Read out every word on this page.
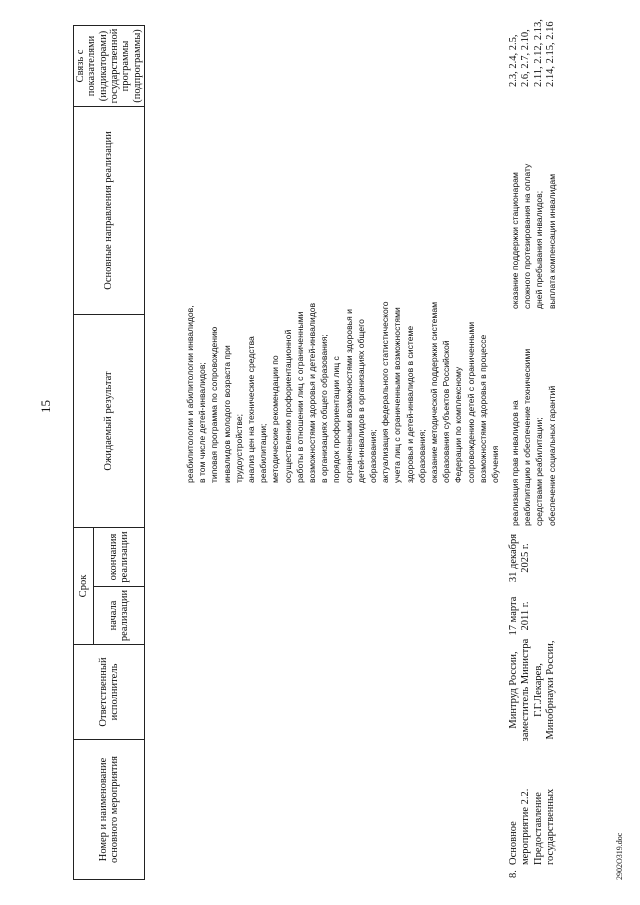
15
Номер и наименование
основного мероприятия
Ответственный
исполнитель
Срок
начала
реализации
окончания
реализации
Ожидаемый результат
Основные направления реализации
Связь с
показателями
(индикаторами)
государственной
программы
(подпрограммы)
реабилитологии и абилитологии инвалидов,
в том числе детей-инвалидов;
типовая программа по сопровождению
инвалидов молодого возраста при
трудоустройстве;
анализ цен на технические средства
реабилитации;
методические рекомендации по
осуществлению профориентационной
работы в отношении лиц с ограниченными
возможностями здоровья и детей-инвалидов
в организациях общего образования;
порядок профориентации лиц с
ограниченными возможностями здоровья и
детей-инвалидов в организациях общего
образования;
актуализация федерального статистического
учета лиц с ограниченными возможностями
здоровья и детей-инвалидов в системе
образования;
оказание методической поддержки системам
образования субъектов Российской
Федерации по комплексному
сопровождению детей с ограниченными
возможностями здоровья в процессе
обучения
8.
Основное
мероприятие 2.2.
Предоставление
государственных
Минтруд России,
заместитель Министра
Г.Г.Лекарев,
Минобрнауки России,
17 марта
2011 г.
31 декабря
2025 г.
реализация прав инвалидов на
реабилитацию и обеспечение техническими
средствами реабилитации;
обеспечение социальных гарантий
оказание поддержки стационарам
сложного протезирования на оплату
дней пребывания инвалидов;
выплата компенсации инвалидам
2.3, 2.4, 2.5,
2.6, 2.7, 2.10,
2.11, 2.12, 2.13,
2.14, 2.15, 2.16
2902О319.doc
